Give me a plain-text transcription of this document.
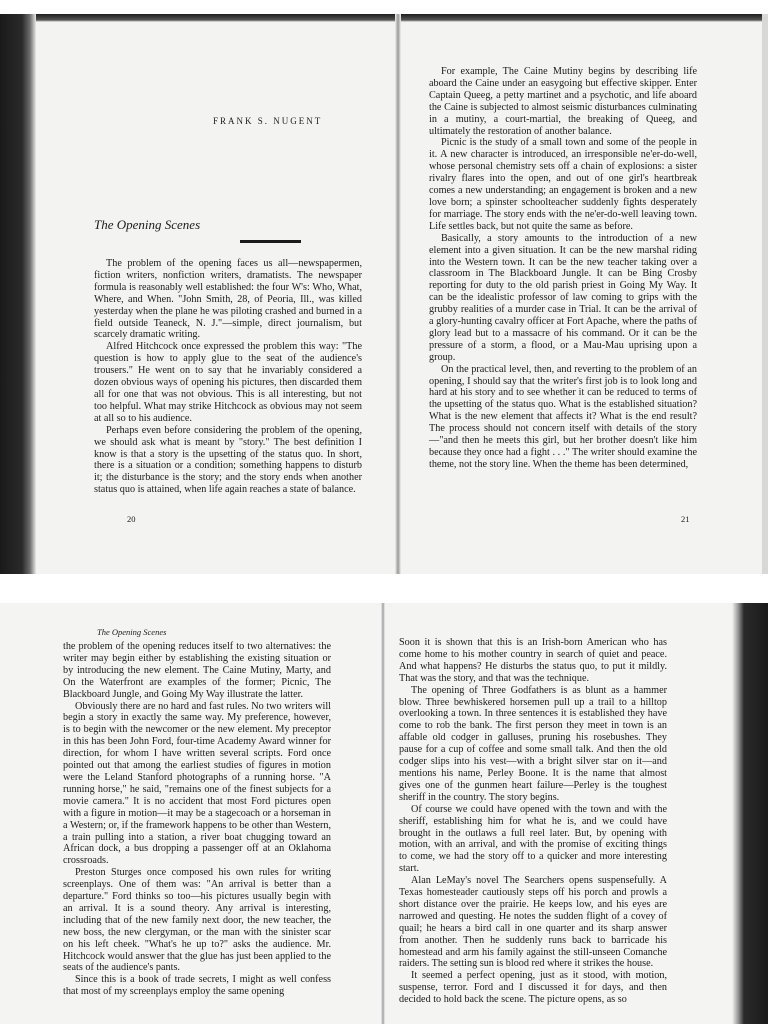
FRANK S. NUGENT
The Opening Scenes

The problem of the opening faces us all—newspapermen, fiction writers, nonfiction writers, dramatists. The newspaper formula is reasonably well established: the four W's: Who, What, Where, and When. "John Smith, 28, of Peoria, Ill., was killed yesterday when the plane he was piloting crashed and burned in a field outside Teaneck, N. J."—simple, direct journalism, but scarcely dramatic writing.

Alfred Hitchcock once expressed the problem this way: "The question is how to apply glue to the seat of the audience's trousers." He went on to say that he invariably considered a dozen obvious ways of opening his pictures, then discarded them all for one that was not obvious. This is all interesting, but not too helpful. What may strike Hitchcock as obvious may not seem at all so to his audience.

Perhaps even before considering the problem of the opening, we should ask what is meant by "story." The best definition I know is that a story is the upsetting of the status quo. In short, there is a situation or a condition; something happens to disturb it; the disturbance is the story; and the story ends when another status quo is attained, when life again reaches a state of balance.

20

For example, The Caine Mutiny begins by describing life aboard the Caine under an easygoing but effective skipper. Enter Captain Queeg, a petty martinet and a psychotic, and life aboard the Caine is subjected to almost seismic disturbances culminating in a mutiny, a court-martial, the breaking of Queeg, and ultimately the restoration of another balance.

Picnic is the study of a small town and some of the people in it. A new character is introduced, an irresponsible ne'er-do-well, whose personal chemistry sets off a chain of explosions: a sister rivalry flares into the open, and out of one girl's heartbreak comes a new understanding; an engagement is broken and a new love born; a spinster schoolteacher suddenly fights desperately for marriage. The story ends with the ne'er-do-well leaving town. Life settles back, but not quite the same as before.

Basically, a story amounts to the introduction of a new element into a given situation. It can be the new marshal riding into the Western town. It can be the new teacher taking over a classroom in The Blackboard Jungle. It can be Bing Crosby reporting for duty to the old parish priest in Going My Way. It can be the idealistic professor of law coming to grips with the grubby realities of a murder case in Trial. It can be the arrival of a glory-hunting cavalry officer at Fort Apache, where the paths of glory lead but to a massacre of his command. Or it can be the pressure of a storm, a flood, or a Mau-Mau uprising upon a group.

On the practical level, then, and reverting to the problem of an opening, I should say that the writer's first job is to look long and hard at his story and to see whether it can be reduced to terms of the upsetting of the status quo. What is the established situation? What is the new element that affects it? What is the end result? The process should not concern itself with details of the story—"and then he meets this girl, but her brother doesn't like him because they once had a fight . . ." The writer should examine the theme, not the story line. When the theme has been determined,

21
The Opening Scenes

the problem of the opening reduces itself to two alternatives: the writer may begin either by establishing the existing situation or by introducing the new element. The Caine Mutiny, Marty, and On the Waterfront are examples of the former; Picnic, The Blackboard Jungle, and Going My Way illustrate the latter.

Obviously there are no hard and fast rules. No two writers will begin a story in exactly the same way. My preference, however, is to begin with the newcomer or the new element. My preceptor in this has been John Ford, four-time Academy Award winner for direction, for whom I have written several scripts. Ford once pointed out that among the earliest studies of figures in motion were the Leland Stanford photographs of a running horse. "A running horse," he said, "remains one of the finest subjects for a movie camera." It is no accident that most Ford pictures open with a figure in motion—it may be a stagecoach or a horseman in a Western; or, if the framework happens to be other than Western, a train pulling into a station, a river boat chugging toward an African dock, a bus dropping a passenger off at an Oklahoma crossroads.

Preston Sturges once composed his own rules for writing screenplays. One of them was: "An arrival is better than a departure." Ford thinks so too—his pictures usually begin with an arrival. It is a sound theory. Any arrival is interesting, including that of the new family next door, the new teacher, the new boss, the new clergyman, or the man with the sinister scar on his left cheek. "What's he up to?" asks the audience. Mr. Hitchcock would answer that the glue has just been applied to the seats of the audience's pants.

Since this is a book of trade secrets, I might as well confess that most of my screenplays employ the same opening

Soon it is shown that this is an Irish-born American who has come home to his mother country in search of quiet and peace. And what happens? He disturbs the status quo, to put it mildly. That was the story, and that was the technique.

The opening of Three Godfathers is as blunt as a hammer blow. Three bewhiskered horsemen pull up a trail to a hilltop overlooking a town. In three sentences it is established they have come to rob the bank. The first person they meet in town is an affable old codger in galluses, pruning his rosebushes. They pause for a cup of coffee and some small talk. And then the old codger slips into his vest—with a bright silver star on it—and mentions his name, Perley Boone. It is the name that almost gives one of the gunmen heart failure—Perley is the toughest sheriff in the country. The story begins.

Of course we could have opened with the town and with the sheriff, establishing him for what he is, and we could have brought in the outlaws a full reel later. But, by opening with motion, with an arrival, and with the promise of exciting things to come, we had the story off to a quicker and more interesting start.

Alan LeMay's novel The Searchers opens suspensefully. A Texas homesteader cautiously steps off his porch and prowls a short distance over the prairie. He keeps low, and his eyes are narrowed and questing. He notes the sudden flight of a covey of quail; he hears a bird call in one quarter and its sharp answer from another. Then he suddenly runs back to barricade his homestead and arm his family against the still-unseen Comanche raiders. The setting sun is blood red where it strikes the house.

It seemed a perfect opening, just as it stood, with motion, suspense, terror. Ford and I discussed it for days, and then decided to hold back the scene. The picture opens, as so
